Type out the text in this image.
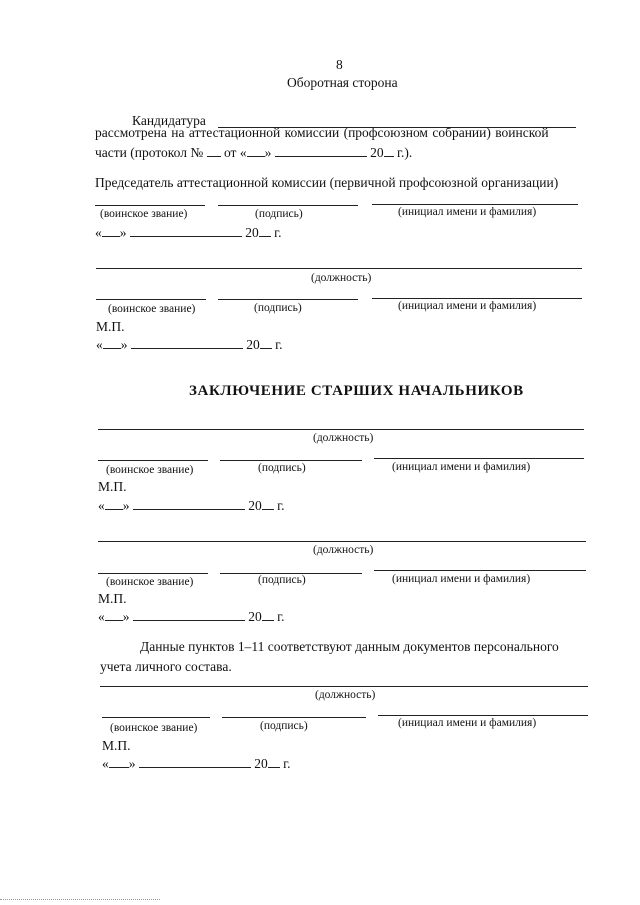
8
Оборотная сторона
Кандидатура
рассмотрена на аттестационной комиссии (профсоюзном собрании) воинской
части (протокол № от « »	20 г.).
Председатель аттестационной комиссии (первичной профсоюзной организации)
(воинское звание)	(подпись)	(инициал имени и фамилия)
« »	20 г.
(должность)
(воинское звание)	(подпись)	(инициал имени и фамилия)
М.П.
« »	20 г.
ЗАКЛЮЧЕНИЕ СТАРШИХ НАЧАЛЬНИКОВ
(должность)
(воинское звание)	(подпись)	(инициал имени и фамилия)
М.П.
« »	20 г.
(должность)
(воинское звание)	(подпись)	(инициал имени и фамилия)
М.П.
« »	20 г.
Данные пунктов 1–11 соответствуют данным документов персонального
учета личного состава.
(должность)
(воинское звание)	(подпись)	(инициал имени и фамилия)
М.П.
« »	20 г.
